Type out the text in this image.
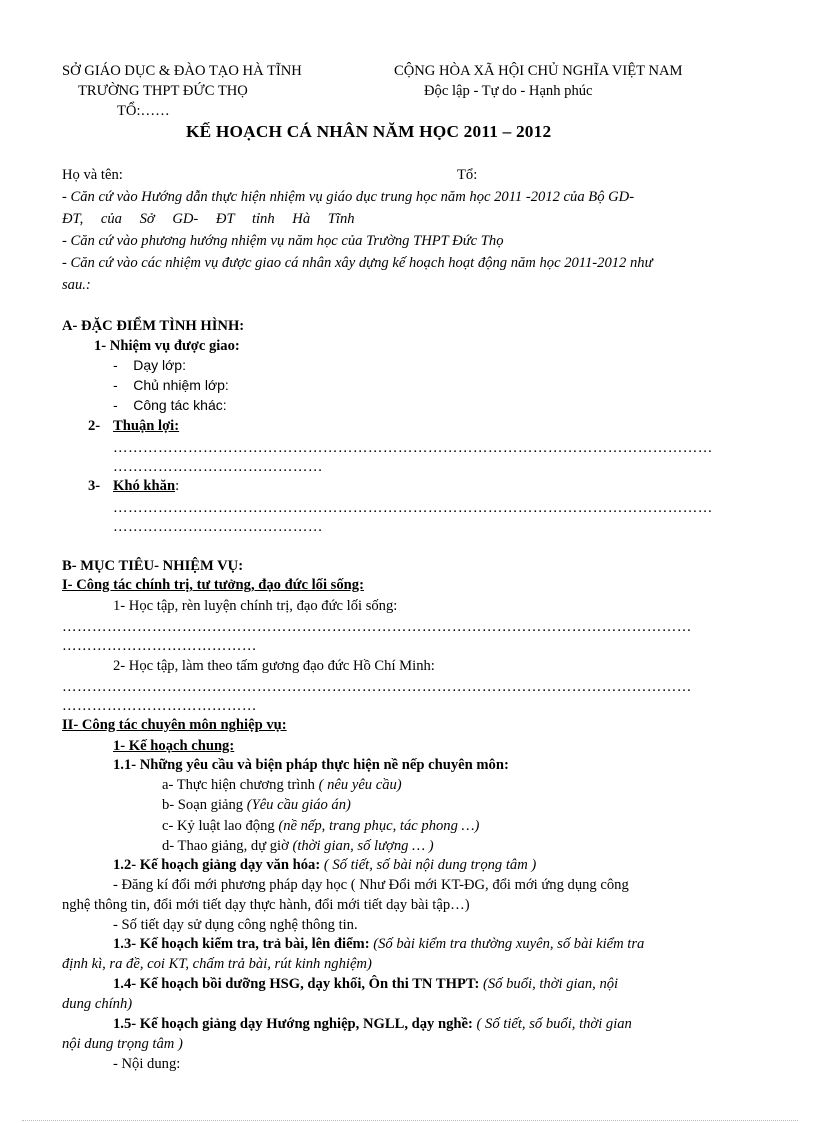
SỞ GIÁO DỤC & ĐÀO TẠO HÀ TĨNH
TRƯỜNG THPT ĐỨC THỌ
TỔ:……
CỘNG HÒA XÃ HỘI CHỦ NGHĨA VIỆT NAM
Độc lập - Tự do - Hạnh phúc
KẾ HOẠCH CÁ NHÂN NĂM HỌC 2011 – 2012
Họ và tên:	Tổ:
- Căn cứ vào Hướng dẫn thực hiện nhiệm vụ giáo dục trung học năm học 2011 -2012 của Bộ GD-
ĐT, của Sở GD- ĐT tỉnh Hà Tĩnh
- Căn cứ vào phương hướng nhiệm vụ năm học của Trường THPT Đức Thọ
- Căn cứ vào các nhiệm vụ được giao cá nhân xây dựng kế hoạch hoạt động năm học 2011-2012 như
sau.:
A- ĐẶC ĐIỂM TÌNH HÌNH:
1- Nhiệm vụ được giao:
-    Dạy lớp:
-    Chủ nhiệm lớp:
-    Công tác khác:
2- Thuận lợi:
…………………………………………………………………………………………………………
……………………………………
3- Khó khăn:
…………………………………………………………………………………………………………
……………………………………
B- MỤC TIÊU- NHIỆM VỤ:
I- Công tác chính trị, tư tưởng, đạo đức lối sống:
1- Học tập, rèn luyện chính trị, đạo đức lối sống:
………………………………………………………………………………………………………………
…………………………………
2- Học tập, làm theo tấm gương đạo đức Hồ Chí Minh:
………………………………………………………………………………………………………………
…………………………………
II- Công tác chuyên môn nghiệp vụ:
1- Kế hoạch chung:
1.1- Những yêu cầu và biện pháp thực hiện nề nếp chuyên môn:
a- Thực hiện chương trình ( nêu yêu cầu)
b- Soạn giảng (Yêu cầu giáo án)
c- Kỷ luật lao động (nề nếp, trang phục, tác phong …)
d- Thao giảng, dự giờ (thời gian, số lượng … )
1.2- Kế hoạch giảng dạy văn hóa: ( Số tiết, số bài nội dung trọng tâm )
- Đăng kí đổi mới phương pháp dạy học ( Như Đổi mới KT-ĐG, đổi mới ứng dụng công
nghệ thông tin, đổi mới tiết dạy thực hành, đổi mới tiết dạy bài tập…)
- Số tiết dạy sử dụng công nghệ thông tin.
1.3- Kế hoạch kiểm tra, trả bài, lên điểm: (Số bài kiểm tra thường xuyên, số bài kiểm tra
định kì, ra đề, coi KT, chấm trả bài, rút kinh nghiệm)
1.4- Kế hoạch bồi dưỡng HSG, dạy khối, Ôn thi TN THPT: (Số buổi, thời gian, nội
dung chính)
1.5- Kế hoạch giảng dạy Hướng nghiệp, NGLL, dạy nghề: ( Số tiết, số buổi, thời gian
nội dung trọng tâm )
- Nội dung:
